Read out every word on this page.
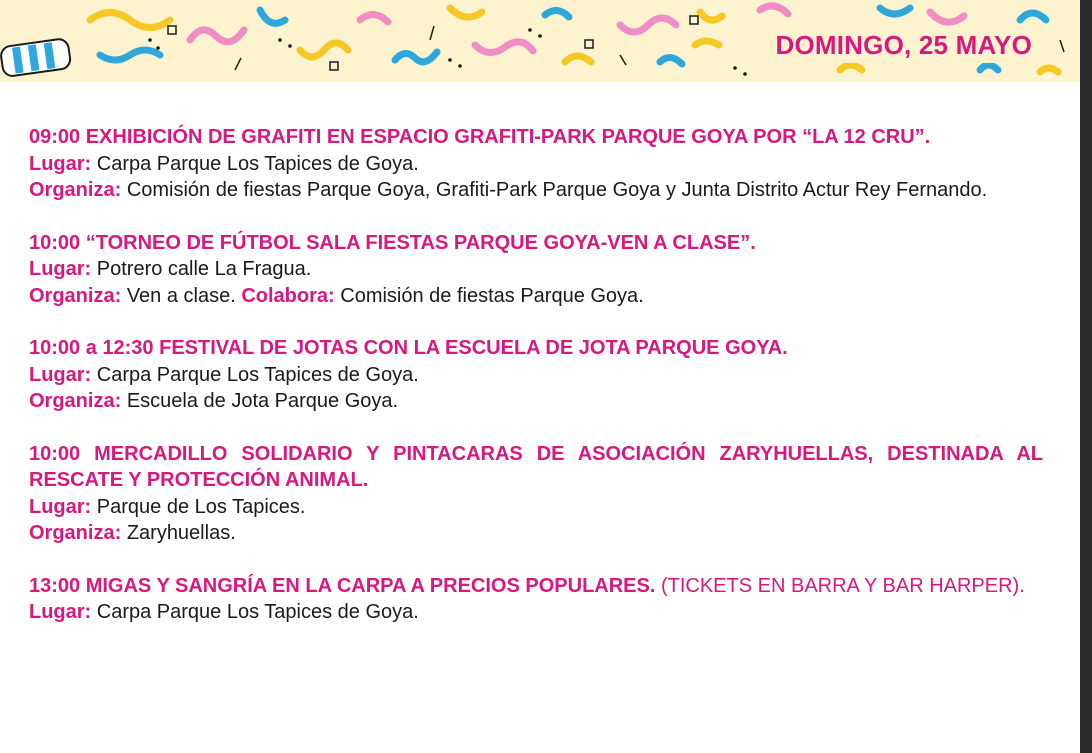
DOMINGO, 25 MAYO
09:00 EXHIBICIÓN DE GRAFITI EN ESPACIO GRAFITI-PARK PARQUE GOYA POR “LA 12 CRU”.
Lugar: Carpa Parque Los Tapices de Goya.
Organiza: Comisión de fiestas Parque Goya, Grafiti-Park Parque Goya y Junta Distrito Actur Rey Fernando.
10:00 “TORNEO DE FÚTBOL SALA FIESTAS PARQUE GOYA-VEN A CLASE”.
Lugar: Potrero calle La Fragua.
Organiza: Ven a clase. Colabora: Comisión de fiestas Parque Goya.
10:00 a 12:30 FESTIVAL DE JOTAS CON LA ESCUELA DE JOTA PARQUE GOYA.
Lugar: Carpa Parque Los Tapices de Goya.
Organiza: Escuela de Jota Parque Goya.
10:00 MERCADILLO SOLIDARIO Y PINTACARAS DE ASOCIACIÓN ZARYHUELLAS, DESTINADA AL RESCATE Y PROTECCIÓN ANIMAL.
Lugar: Parque de Los Tapices.
Organiza: Zaryhuellas.
13:00 MIGAS Y SANGRÍA EN LA CARPA A PRECIOS POPULARES. (TICKETS EN BARRA Y BAR HARPER).
Lugar: Carpa Parque Los Tapices de Goya.
